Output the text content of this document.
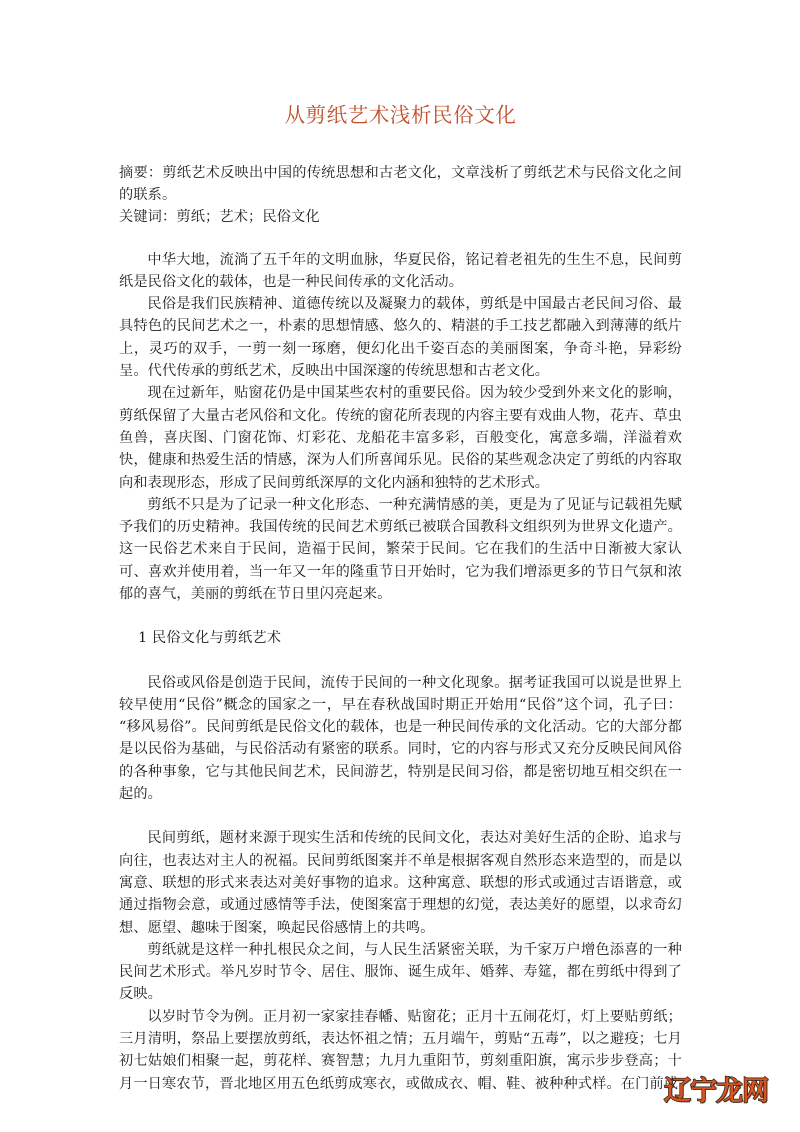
从剪纸艺术浅析民俗文化

摘要：剪纸艺术反映出中国的传统思想和古老文化，文章浅析了剪纸艺术与民俗文化之间的联系。

关键词：剪纸；艺术；民俗文化

中华大地，流淌了五千年的文明血脉，华夏民俗，铭记着老祖先的生生不息，民间剪纸是民俗文化的载体，也是一种民间传承的文化活动。

民俗是我们民族精神、道德传统以及凝聚力的载体，剪纸是中国最古老民间习俗、最具特色的民间艺术之一，朴素的思想情感、悠久的、精湛的手工技艺都融入到薄薄的纸片上，灵巧的双手，一剪一刻一琢磨，便幻化出千姿百态的美丽图案，争奇斗艳，异彩纷呈。代代传承的剪纸艺术，反映出中国深邃的传统思想和古老文化。

现在过新年，贴窗花仍是中国某些农村的重要民俗。因为较少受到外来文化的影响，剪纸保留了大量古老风俗和文化。传统的窗花所表现的内容主要有戏曲人物，花卉、草虫鱼兽，喜庆图、门窗花饰、灯彩花、龙船花丰富多彩，百般变化，寓意多端，洋溢着欢快，健康和热爱生活的情感，深为人们所喜闻乐见。民俗的某些观念决定了剪纸的内容取向和表现形态，形成了民间剪纸深厚的文化内涵和独特的艺术形式。

剪纸不只是为了记录一种文化形态、一种充满情感的美，更是为了见证与记载祖先赋予我们的历史精神。我国传统的民间艺术剪纸已被联合国教科文组织列为世界文化遗产。这一民俗艺术来自于民间，造福于民间，繁荣于民间。它在我们的生活中日渐被大家认可、喜欢并使用着，当一年又一年的隆重节日开始时，它为我们增添更多的节日气氛和浓郁的喜气，美丽的剪纸在节日里闪亮起来。

1 民俗文化与剪纸艺术

民俗或风俗是创造于民间，流传于民间的一种文化现象。据考证我国可以说是世界上较早使用“民俗”概念的国家之一，早在春秋战国时期正开始用“民俗”这个词，孔子曰：“移风易俗”。民间剪纸是民俗文化的载体，也是一种民间传承的文化活动。它的大部分都是以民俗为基础，与民俗活动有紧密的联系。同时，它的内容与形式又充分反映民间风俗的各种事象，它与其他民间艺术，民间游艺，特别是民间习俗，都是密切地互相交织在一起的。

民间剪纸，题材来源于现实生活和传统的民间文化，表达对美好生活的企盼、追求与向往，也表达对主人的祝福。民间剪纸图案并不单是根据客观自然形态来造型的，而是以寓意、联想的形式来表达对美好事物的追求。这种寓意、联想的形式或通过吉语谐意，或通过指物会意，或通过感情等手法，使图案富于理想的幻觉，表达美好的愿望，以求奇幻想、愿望、趣味于图案，唤起民俗感情上的共鸣。

剪纸就是这样一种扎根民众之间，与人民生活紧密关联，为千家万户增色添喜的一种民间艺术形式。举凡岁时节令、居住、服饰、诞生成年、婚葬、寿筵，都在剪纸中得到了反映。

以岁时节令为例。正月初一家家挂春幡、贴窗花；正月十五闹花灯，灯上要贴剪纸；三月清明，祭品上要摆放剪纸，表达怀祖之情；五月端午，剪贴“五毒”，以之避疫；七月初七姑娘们相聚一起，剪花样、赛智慧；九月九重阳节，剪刻重阳旗，寓示步步登高；十月一日寒农节，晋北地区用五色纸剪成寒衣，或做成衣、帽、鞋、被种种式样。在门前或

辽宁龙网
